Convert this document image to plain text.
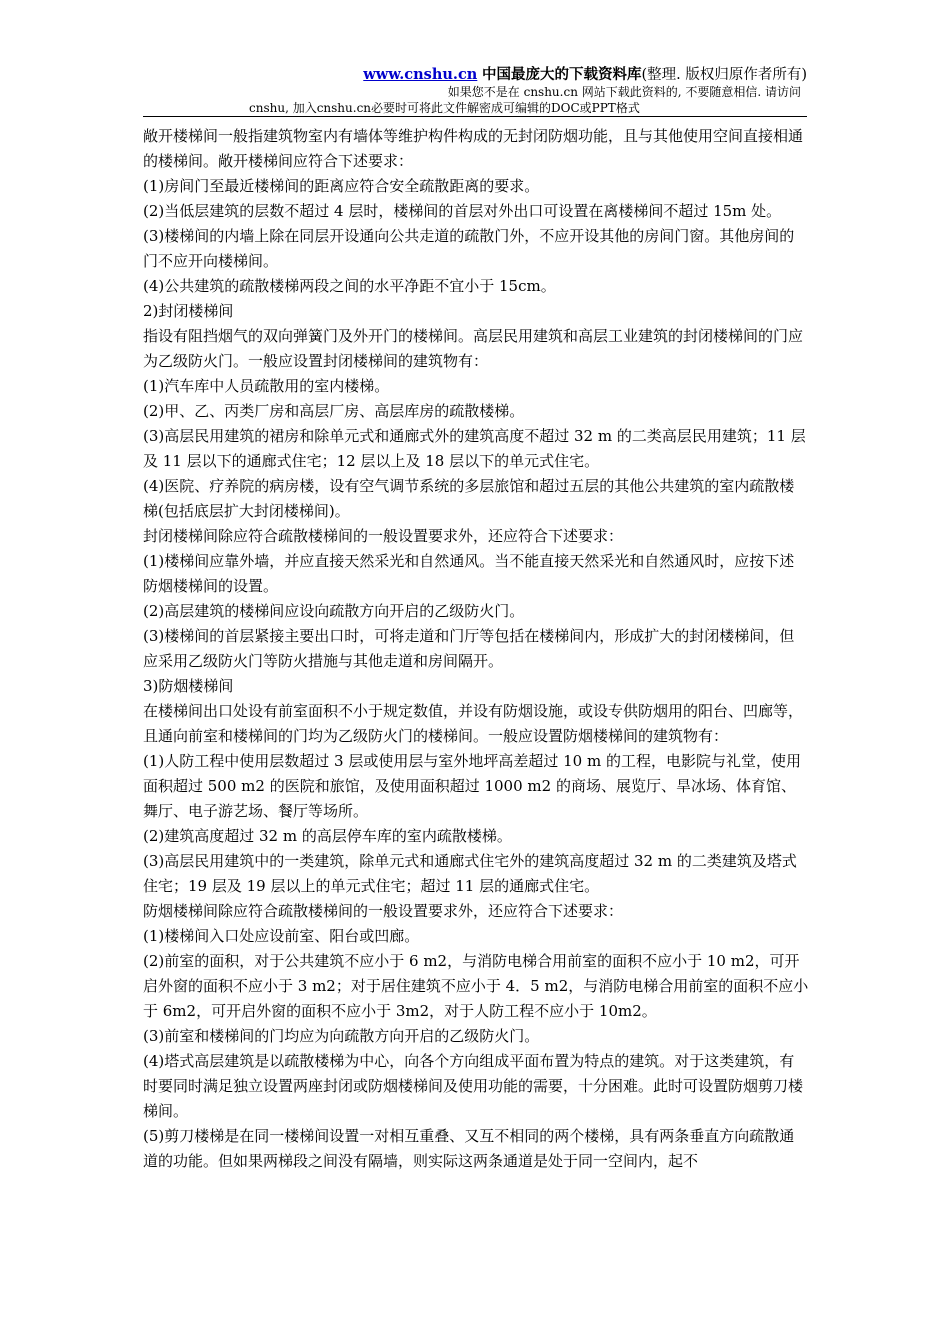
www.cnshu.cn 中国最庞大的下载资料库(整理. 版权归原作者所有)
如果您不是在 cnshu.cn 网站下载此资料的, 不要随意相信. 请访问
cnshu, 加入cnshu.cn必要时可将此文件解密成可编辑的DOC或PPT格式

敞开楼梯间一般指建筑物室内有墙体等维护构件构成的无封闭防烟功能，且与其他使用空间直接相通的楼梯间。敞开楼梯间应符合下述要求：

(1)房间门至最近楼梯间的距离应符合安全疏散距离的要求。

(2)当低层建筑的层数不超过 4 层时，楼梯间的首层对外出口可设置在离楼梯间不超过 15m 处。

(3)楼梯间的内墙上除在同层开设通向公共走道的疏散门外，不应开设其他的房间门窗。其他房间的门不应开向楼梯间。

(4)公共建筑的疏散楼梯两段之间的水平净距不宜小于 15cm。

2)封闭楼梯间

指设有阻挡烟气的双向弹簧门及外开门的楼梯间。高层民用建筑和高层工业建筑的封闭楼梯间的门应为乙级防火门。一般应设置封闭楼梯间的建筑物有：

(1)汽车库中人员疏散用的室内楼梯。

(2)甲、乙、丙类厂房和高层厂房、高层库房的疏散楼梯。

(3)高层民用建筑的裙房和除单元式和通廊式外的建筑高度不超过 32 m 的二类高层民用建筑；11 层及 11 层以下的通廊式住宅；12 层以上及 18 层以下的单元式住宅。

(4)医院、疗养院的病房楼，设有空气调节系统的多层旅馆和超过五层的其他公共建筑的室内疏散楼梯(包括底层扩大封闭楼梯间)。

封闭楼梯间除应符合疏散楼梯间的一般设置要求外，还应符合下述要求：

(1)楼梯间应靠外墙，并应直接天然采光和自然通风。当不能直接天然采光和自然通风时，应按下述防烟楼梯间的设置。

(2)高层建筑的楼梯间应设向疏散方向开启的乙级防火门。

(3)楼梯间的首层紧接主要出口时，可将走道和门厅等包括在楼梯间内，形成扩大的封闭楼梯间，但应采用乙级防火门等防火措施与其他走道和房间隔开。

3)防烟楼梯间

在楼梯间出口处设有前室面积不小于规定数值，并设有防烟设施，或设专供防烟用的阳台、凹廊等，且通向前室和楼梯间的门均为乙级防火门的楼梯间。一般应设置防烟楼梯间的建筑物有：

(1)人防工程中使用层数超过 3 层或使用层与室外地坪高差超过 10 m 的工程，电影院与礼堂，使用面积超过 500 m2 的医院和旅馆，及使用面积超过 1000 m2 的商场、展览厅、旱冰场、体育馆、舞厅、电子游艺场、餐厅等场所。

(2)建筑高度超过 32 m 的高层停车库的室内疏散楼梯。

(3)高层民用建筑中的一类建筑，除单元式和通廊式住宅外的建筑高度超过 32 m 的二类建筑及塔式住宅；19 层及 19 层以上的单元式住宅；超过 11 层的通廊式住宅。

防烟楼梯间除应符合疏散楼梯间的一般设置要求外，还应符合下述要求：

(1)楼梯间入口处应设前室、阳台或凹廊。

(2)前室的面积，对于公共建筑不应小于 6 m2，与消防电梯合用前室的面积不应小于 10 m2，可开启外窗的面积不应小于 3 m2；对于居住建筑不应小于 4．5 m2，与消防电梯合用前室的面积不应小于 6m2，可开启外窗的面积不应小于 3m2，对于人防工程不应小于 10m2。

(3)前室和楼梯间的门均应为向疏散方向开启的乙级防火门。

(4)塔式高层建筑是以疏散楼梯为中心，向各个方向组成平面布置为特点的建筑。对于这类建筑，有时要同时满足独立设置两座封闭或防烟楼梯间及使用功能的需要，十分困难。此时可设置防烟剪刀楼梯间。

(5)剪刀楼梯是在同一楼梯间设置一对相互重叠、又互不相同的两个楼梯，具有两条垂直方向疏散通道的功能。但如果两梯段之间没有隔墙，则实际这两条通道是处于同一空间内，起不
